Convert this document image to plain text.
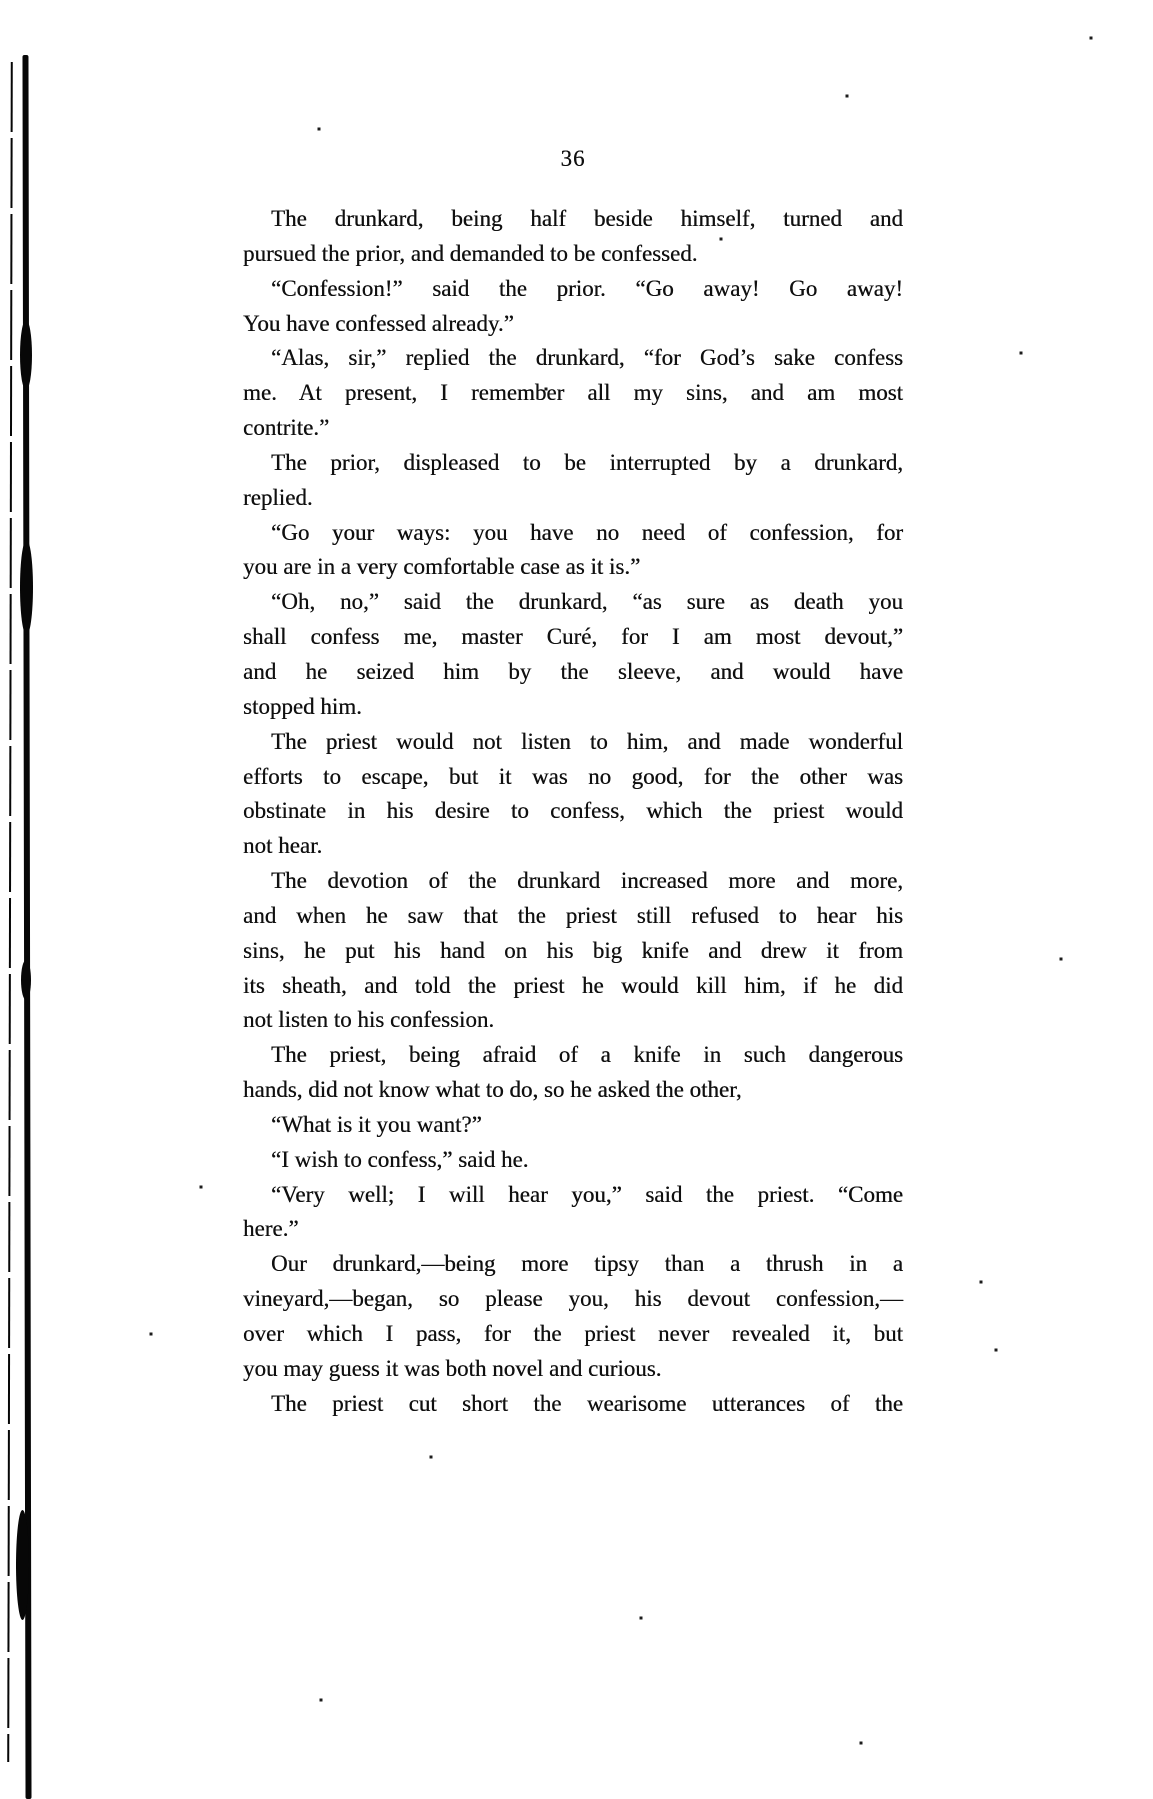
36
The drunkard, being half beside himself, turned and
pursued the prior, and demanded to be confessed.
“Confession!” said the prior. “Go away! Go away!
You have confessed already.”
“Alas, sir,” replied the drunkard, “for God’s sake confess
me. At present, I remember all my sins, and am most
contrite.”
The prior, displeased to be interrupted by a drunkard,
replied.
“Go your ways: you have no need of confession, for
you are in a very comfortable case as it is.”
“Oh, no,” said the drunkard, “as sure as death you
shall confess me, master Curé, for I am most devout,”
and he seized him by the sleeve, and would have
stopped him.
The priest would not listen to him, and made wonderful
efforts to escape, but it was no good, for the other was
obstinate in his desire to confess, which the priest would
not hear.
The devotion of the drunkard increased more and more,
and when he saw that the priest still refused to hear his
sins, he put his hand on his big knife and drew it from
its sheath, and told the priest he would kill him, if he did
not listen to his confession.
The priest, being afraid of a knife in such dangerous
hands, did not know what to do, so he asked the other,
“What is it you want?”
“I wish to confess,” said he.
“Very well; I will hear you,” said the priest. “Come
here.”
Our drunkard,—being more tipsy than a thrush in a
vineyard,—began, so please you, his devout confession,—
over which I pass, for the priest never revealed it, but
you may guess it was both novel and curious.
The priest cut short the wearisome utterances of the
